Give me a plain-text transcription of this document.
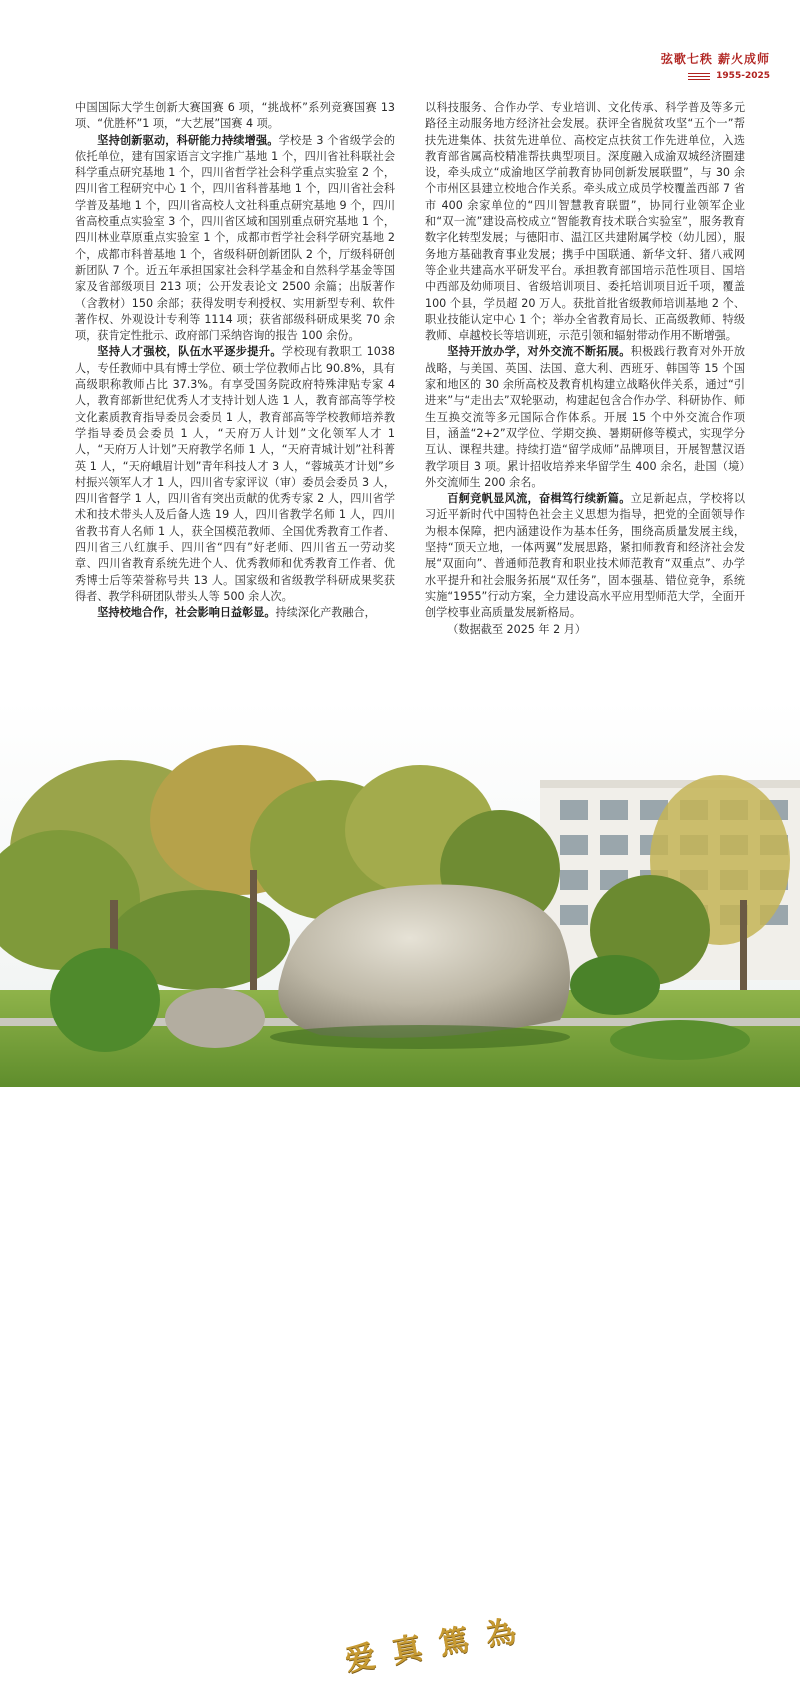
弦歌七秩 薪火成师
1955-2025

中国国际大学生创新大赛国赛 6 项，“挑战杯”系列竞赛国赛 13 项、“优胜杯”1 项，“大艺展”国赛 4 项。

坚持创新驱动，科研能力持续增强。学校是 3 个省级学会的依托单位，建有国家语言文字推广基地 1 个，四川省社科联社会科学重点研究基地 1 个，四川省哲学社会科学重点实验室 2 个，四川省工程研究中心 1 个，四川省科普基地 1 个，四川省社会科学普及基地 1 个，四川省高校人文社科重点研究基地 9 个，四川省高校重点实验室 3 个，四川省区域和国别重点研究基地 1 个，四川林业草原重点实验室 1 个，成都市哲学社会科学研究基地 2 个，成都市科普基地 1 个，省级科研创新团队 2 个，厅级科研创新团队 7 个。近五年承担国家社会科学基金和自然科学基金等国家及省部级项目 213 项；公开发表论文 2500 余篇；出版著作（含教材）150 余部；获得发明专利授权、实用新型专利、软件著作权、外观设计专利等 1114 项；获省部级科研成果奖 70 余项，获肯定性批示、政府部门采纳咨询的报告 100 余份。

坚持人才强校，队伍水平逐步提升。学校现有教职工 1038 人，专任教师中具有博士学位、硕士学位教师占比 90.8%，具有高级职称教师占比 37.3%。有享受国务院政府特殊津贴专家 4 人，教育部新世纪优秀人才支持计划人选 1 人，教育部高等学校文化素质教育指导委员会委员 1 人，教育部高等学校教师培养教学指导委员会委员 1 人，“天府万人计划”文化领军人才 1 人，“天府万人计划”天府教学名师 1 人，“天府青城计划”社科菁英 1 人，“天府峨眉计划”青年科技人才 3 人，“蓉城英才计划”乡村振兴领军人才 1 人，四川省专家评议（审）委员会委员 3 人，四川省督学 1 人，四川省有突出贡献的优秀专家 2 人，四川省学术和技术带头人及后备人选 19 人，四川省教学名师 1 人，四川省教书育人名师 1 人，获全国模范教师、全国优秀教育工作者、四川省三八红旗手、四川省“四有”好老师、四川省五一劳动奖章、四川省教育系统先进个人、优秀教师和优秀教育工作者、优秀博士后等荣誉称号共 13 人。国家级和省级教学科研成果奖获得者、教学科研团队带头人等 500 余人次。

坚持校地合作，社会影响日益彰显。持续深化产教融合，

以科技服务、合作办学、专业培训、文化传承、科学普及等多元路径主动服务地方经济社会发展。获评全省脱贫攻坚“五个一”帮扶先进集体、扶贫先进单位、高校定点扶贫工作先进单位，入选教育部省属高校精准帮扶典型项目。深度融入成渝双城经济圈建设，牵头成立“成渝地区学前教育协同创新发展联盟”，与 30 余个市州区县建立校地合作关系。牵头成立成员学校覆盖西部 7 省市 400 余家单位的“四川智慧教育联盟”，协同行业领军企业和“双一流”建设高校成立“智能教育技术联合实验室”，服务教育数字化转型发展；与德阳市、温江区共建附属学校（幼儿园），服务地方基础教育事业发展；携手中国联通、新华文轩、猪八戒网等企业共建高水平研发平台。承担教育部国培示范性项目、国培中西部及幼师项目、省级培训项目、委托培训项目近千项，覆盖 100 个县，学员超 20 万人。获批首批省级教师培训基地 2 个、职业技能认定中心 1 个；举办全省教育局长、正高级教师、特级教师、卓越校长等培训班，示范引领和辐射带动作用不断增强。

坚持开放办学，对外交流不断拓展。积极践行教育对外开放战略，与美国、英国、法国、意大利、西班牙、韩国等 15 个国家和地区的 30 余所高校及教育机构建立战略伙伴关系，通过“引进来”与“走出去”双轮驱动，构建起包含合作办学、科研协作、师生互换交流等多元国际合作体系。开展 15 个中外交流合作项目，涵盖“2+2”双学位、学期交换、暑期研修等模式，实现学分互认、课程共建。持续打造“留学成师”品牌项目，开展智慧汉语教学项目 3 项。累计招收培养来华留学生 400 余名，赴国（境）外交流师生 200 余名。

百舸竞帆显风流，奋楫笃行续新篇。立足新起点，学校将以习近平新时代中国特色社会主义思想为指导，把党的全面领导作为根本保障，把内涵建设作为基本任务，围绕高质量发展主线，坚持“顶天立地，一体两翼”发展思路，紧扣师教育和经济社会发展“双面向”、普通师范教育和职业技术师范教育“双重点”、办学水平提升和社会服务拓展“双任务”，固本强基、错位竞争，系统实施“1955”行动方案，全力建设高水平应用型师范大学，全面开创学校事业高质量发展新格局。

（数据截至 2025 年 2 月）

爱 真 篤 為
